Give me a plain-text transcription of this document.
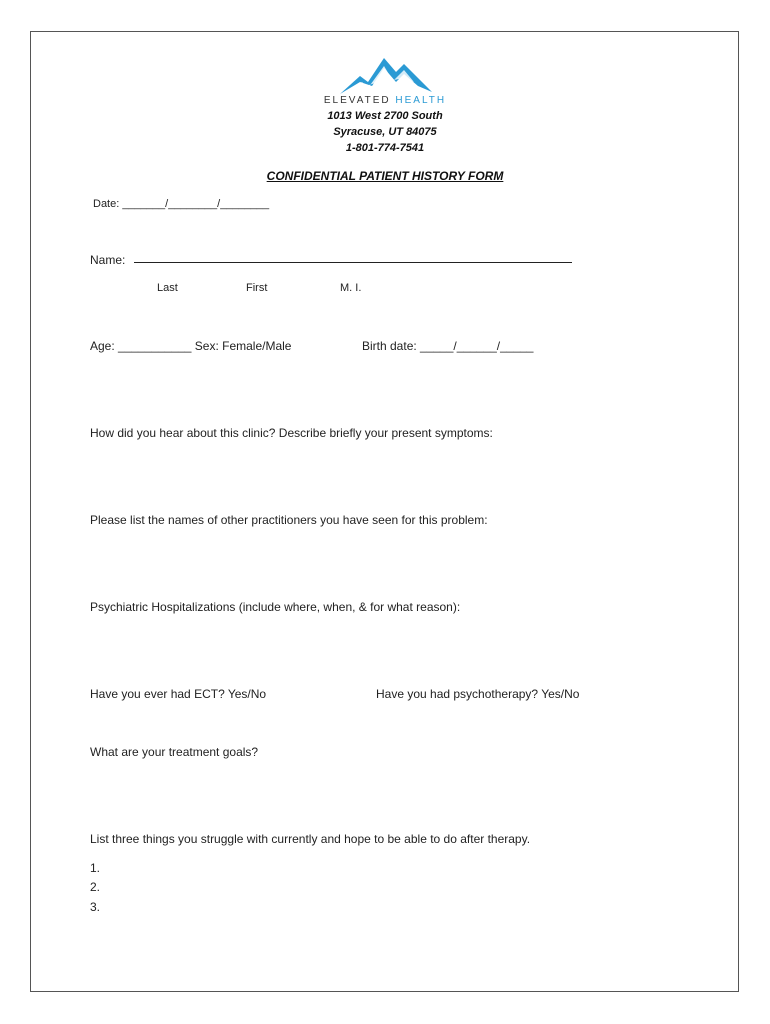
ELEVATED HEALTH
1013 West 2700 South
Syracuse, UT 84075
1-801-774-7541
CONFIDENTIAL PATIENT HISTORY FORM
Date: _______/________/________
Name:
Last	First	M. I.
Age: ___________ Sex: Female/Male	Birth date: _____/______/_____
How did you hear about this clinic? Describe briefly your present symptoms:
Please list the names of other practitioners you have seen for this problem:
Psychiatric Hospitalizations (include where, when, & for what reason):
Have you ever had ECT? Yes/No	Have you had psychotherapy? Yes/No
What are your treatment goals?
List three things you struggle with currently and hope to be able to do after therapy.
1.
2.
3.
